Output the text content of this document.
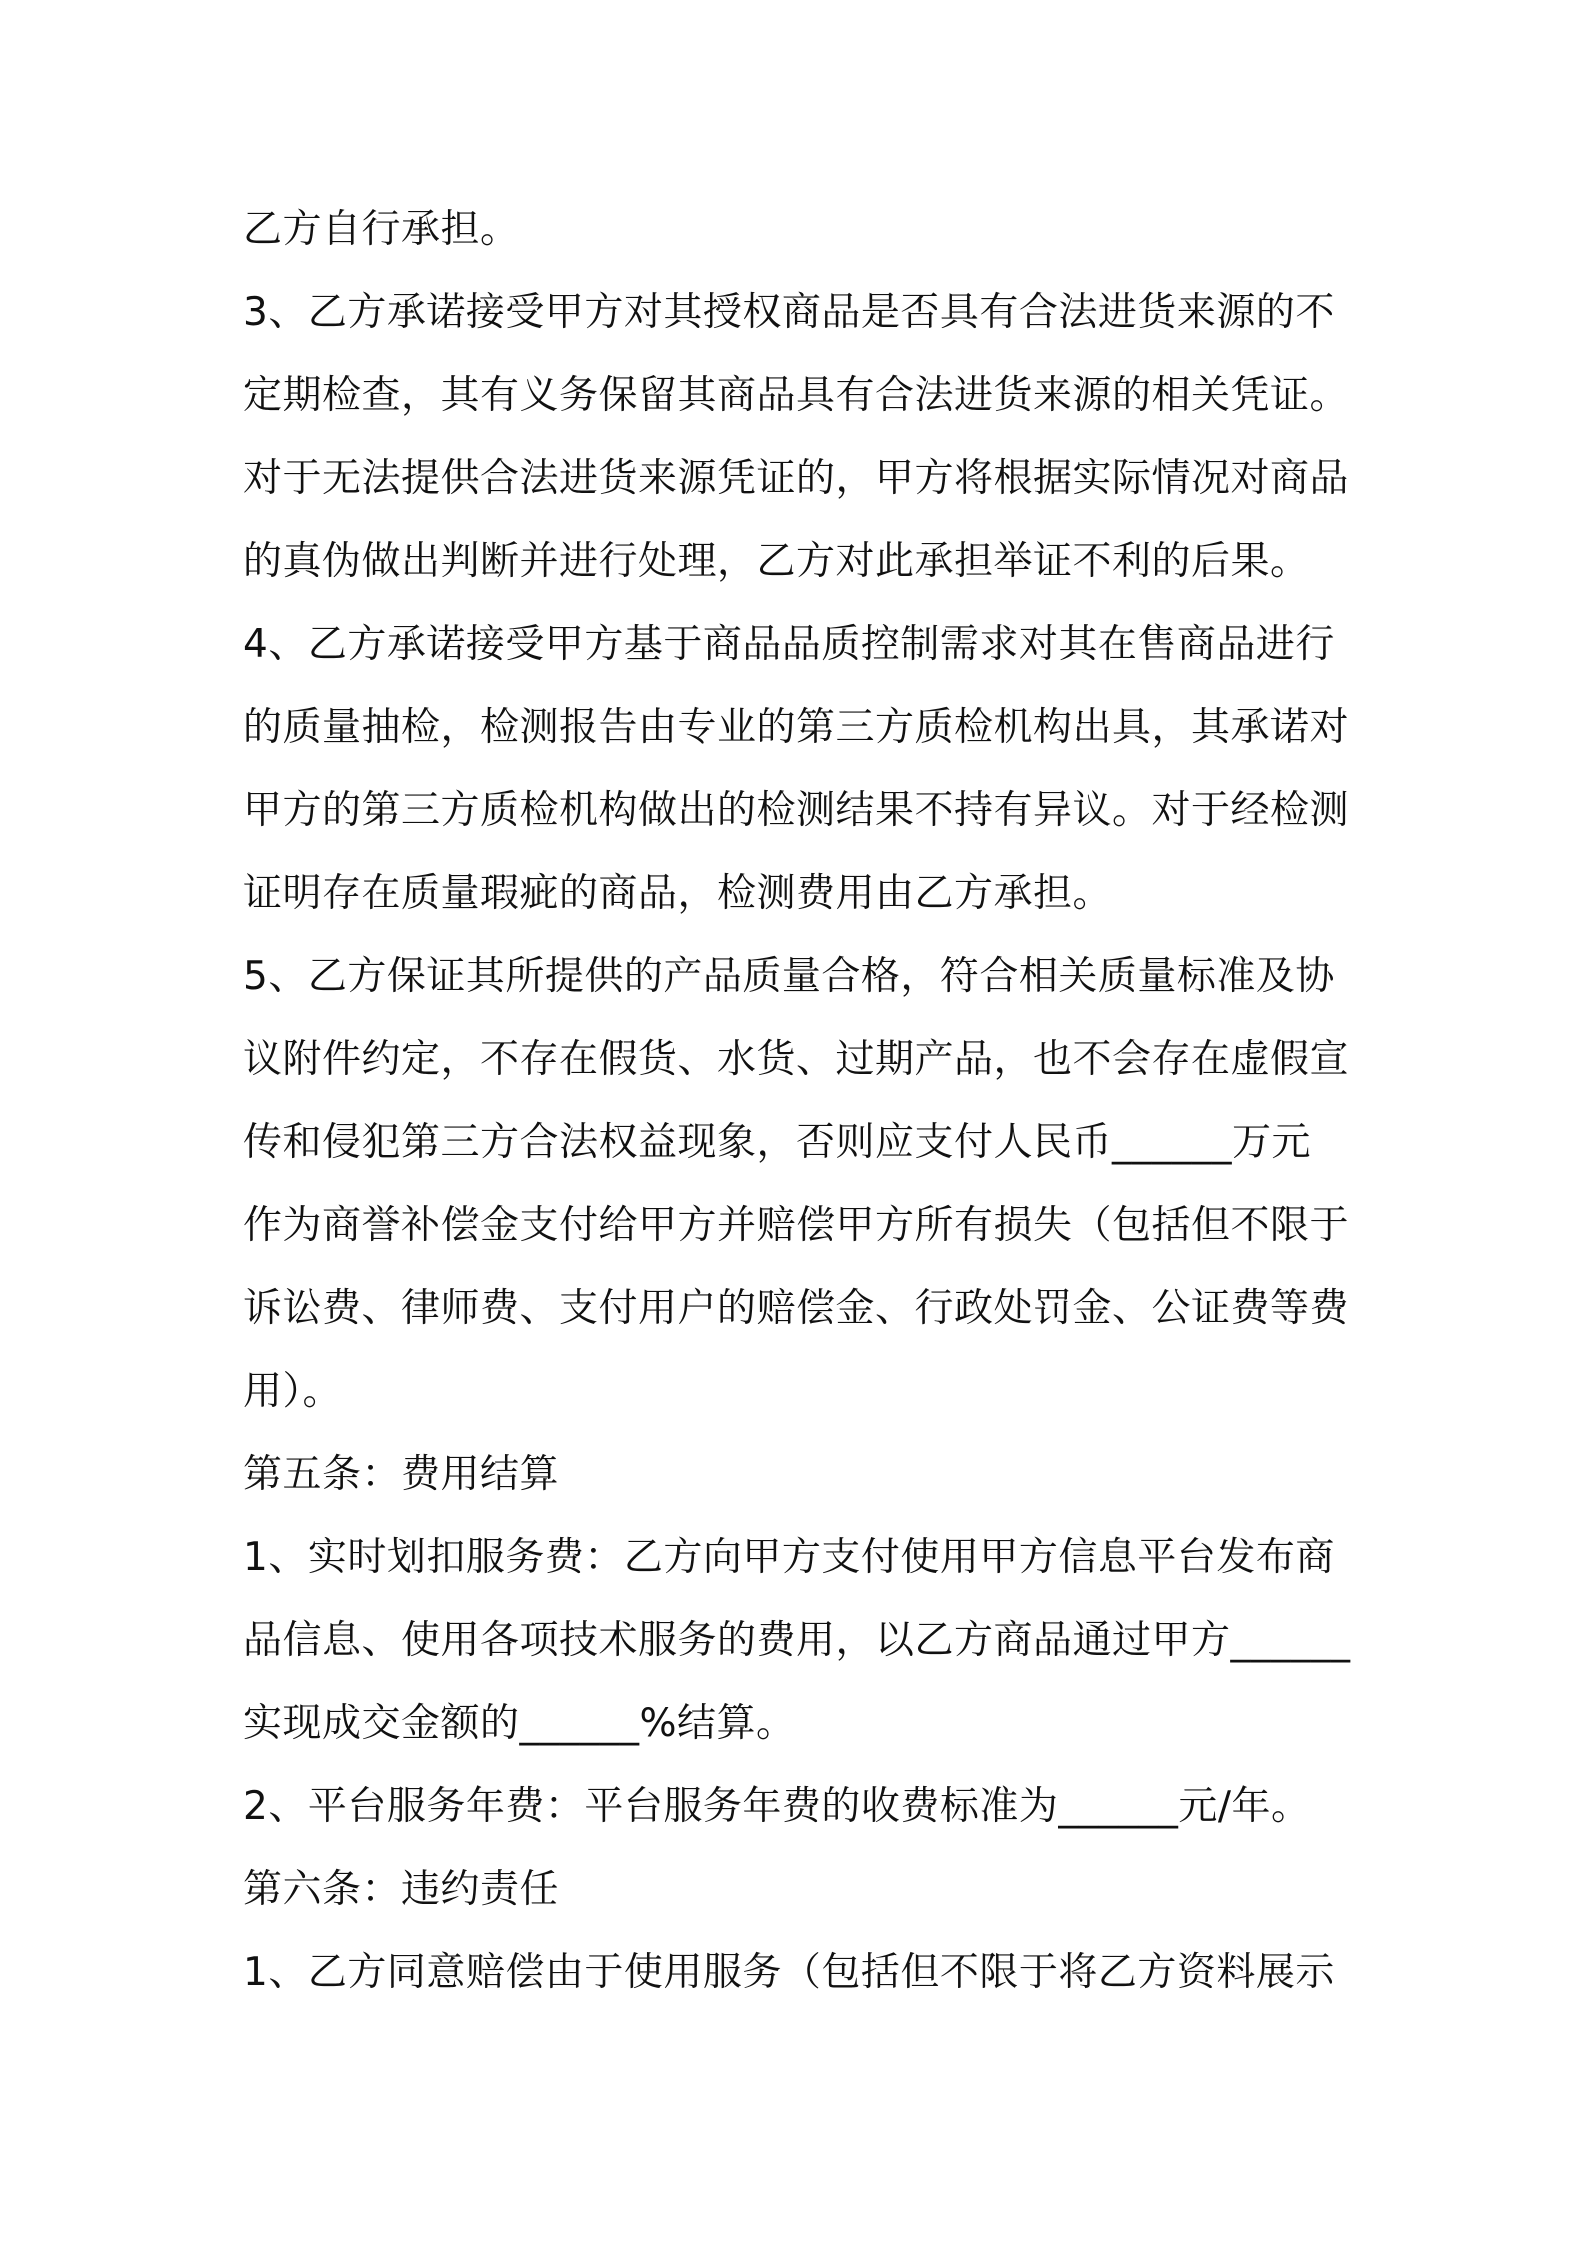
乙方自行承担。
3、乙方承诺接受甲方对其授权商品是否具有合法进货来源的不
定期检查，其有义务保留其商品具有合法进货来源的相关凭证。
对于无法提供合法进货来源凭证的，甲方将根据实际情况对商品
的真伪做出判断并进行处理，乙方对此承担举证不利的后果。
4、乙方承诺接受甲方基于商品品质控制需求对其在售商品进行
的质量抽检，检测报告由专业的第三方质检机构出具，其承诺对
甲方的第三方质检机构做出的检测结果不持有异议。对于经检测
证明存在质量瑕疵的商品，检测费用由乙方承担。
5、乙方保证其所提供的产品质量合格，符合相关质量标准及协
议附件约定，不存在假货、水货、过期产品，也不会存在虚假宣
传和侵犯第三方合法权益现象，否则应支付人民币______万元
作为商誉补偿金支付给甲方并赔偿甲方所有损失（包括但不限于
诉讼费、律师费、支付用户的赔偿金、行政处罚金、公证费等费
用）。
第五条：费用结算
1、实时划扣服务费：乙方向甲方支付使用甲方信息平台发布商
品信息、使用各项技术服务的费用，以乙方商品通过甲方______
实现成交金额的______%结算。
2、平台服务年费：平台服务年费的收费标准为______元/年。
第六条：违约责任
1、乙方同意赔偿由于使用服务（包括但不限于将乙方资料展示
